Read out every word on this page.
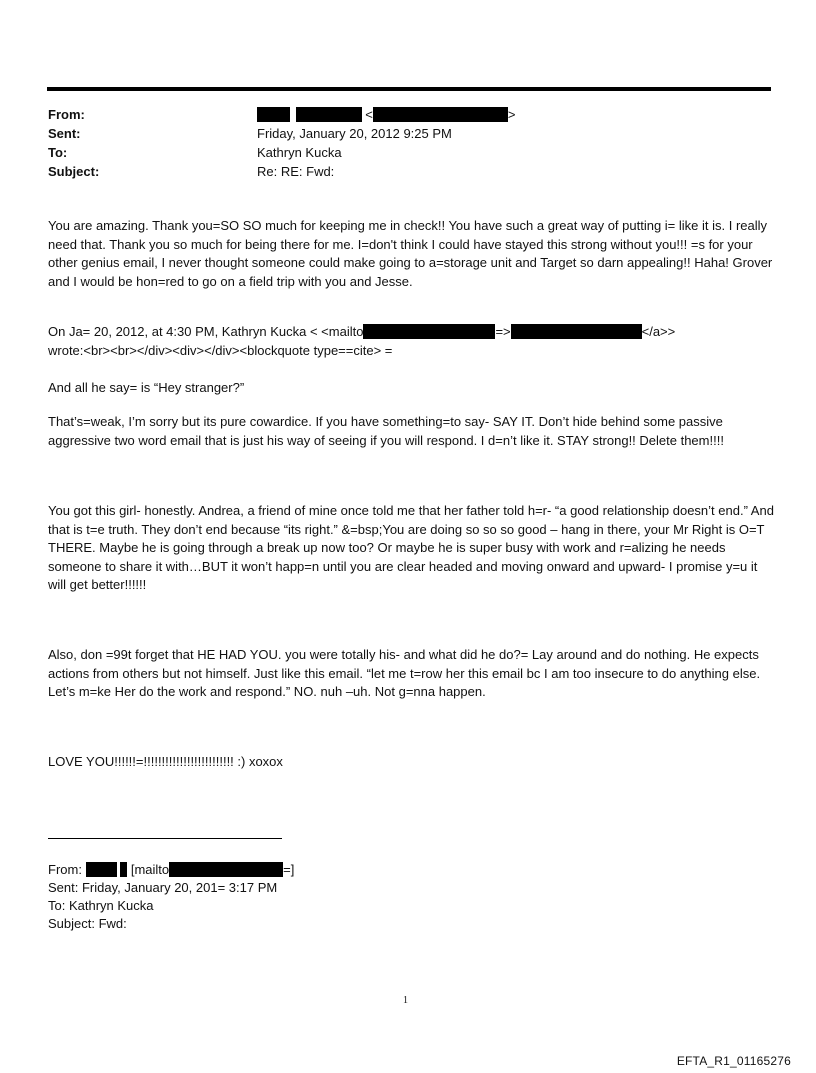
From:	<	>
Sent:	Friday, January 20, 2012 9:25 PM
To:	Kathryn Kucka
Subject:	Re: RE: Fwd:

You are amazing. Thank you=SO SO much for keeping me in check!! You have such a great way of putting i= like it is. I really need that. Thank you so much for being there for me. I=don't think I could have stayed this strong without you!!! =s for your other genius email, I never thought someone could make going to a=storage unit and Target so darn appealing!! Haha! Grover and I would be hon=red to go on a field trip with you and Jesse.

On Ja= 20, 2012, at 4:30 PM, Kathryn Kucka < <mailto	=>	</a>>
wrote:<br><br></div><div></div><blockquote type==cite> =

And all he say= is “Hey stranger?”

That’s=weak, I’m sorry but its pure cowardice. If you have something=to say- SAY IT. Don’t hide behind some passive aggressive two word email that is just his way of seeing if you will respond. I d=n’t like it. STAY strong!! Delete them!!!!

You got this girl- honestly. Andrea, a friend of mine once told me that her father told h=r- “a good relationship doesn’t end.” And that is t=e truth. They don’t end because “its right.” &=bsp;You are doing so so so good – hang in there, your Mr Right is O=T THERE. Maybe he is going through a break up now too? Or maybe he is super busy with work and r=alizing he needs someone to share it with…BUT it won’t happ=n until you are clear headed and moving onward and upward- I promise y=u it will get better!!!!!!

Also, don =99t forget that HE HAD YOU. you were totally his- and what did he do?= Lay around and do nothing. He expects actions from others but not himself. Just like this email. “let me t=row her this email bc I am too insecure to do anything else. Let’s m=ke Her do the work and respond.” NO. nuh –uh. Not g=nna happen.

LOVE YOU!!!!!!=!!!!!!!!!!!!!!!!!!!!!!!!! :) xoxox

From:	[mailto	=]
Sent: Friday, January 20, 201= 3:17 PM
To: Kathryn Kucka
Subject: Fwd:
1
EFTA_R1_01165276
